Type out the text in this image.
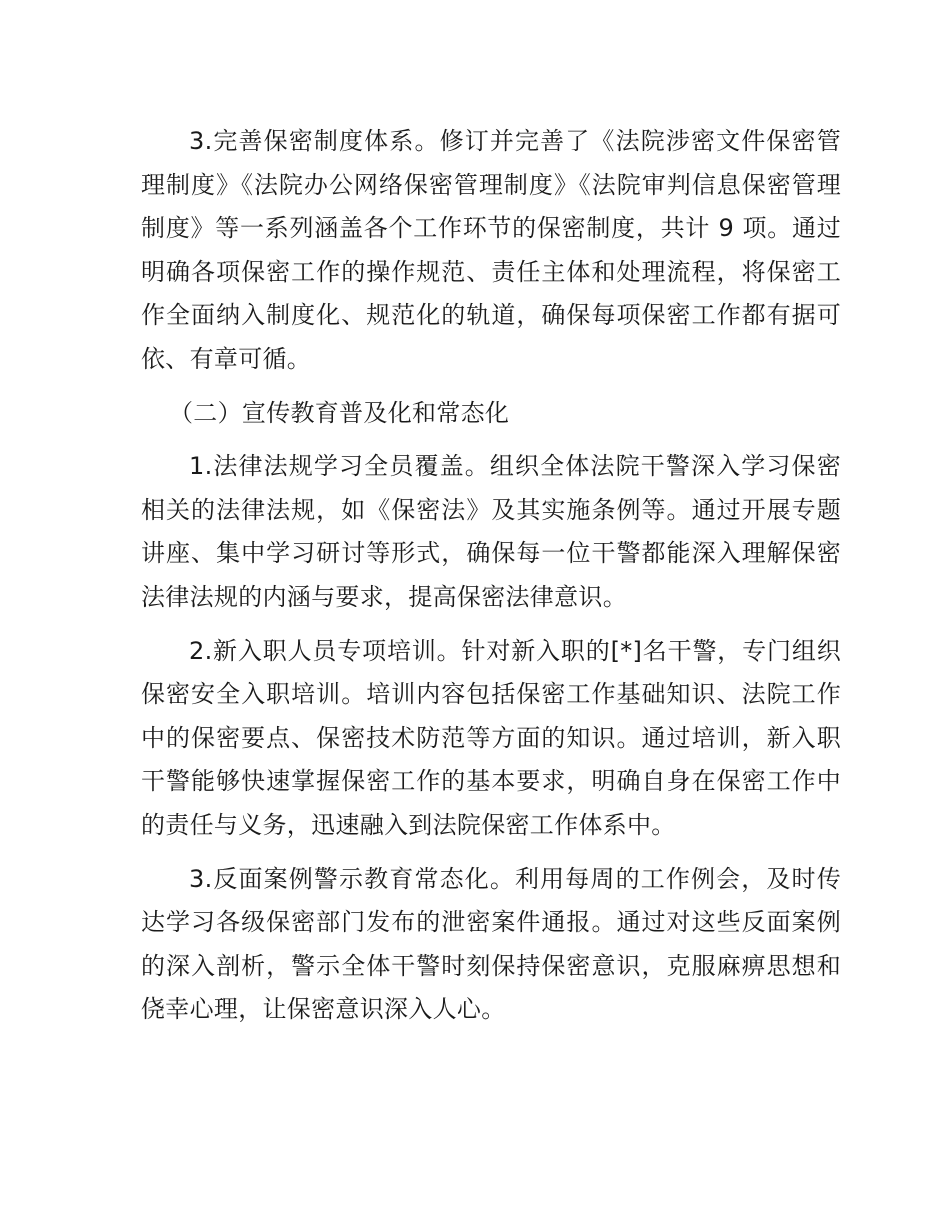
3.完善保密制度体系。修订并完善了《法院涉密文件保密管理制度》《法院办公网络保密管理制度》《法院审判信息保密管理制度》等一系列涵盖各个工作环节的保密制度，共计 9 项。通过明确各项保密工作的操作规范、责任主体和处理流程，将保密工作全面纳入制度化、规范化的轨道，确保每项保密工作都有据可依、有章可循。

（二）宣传教育普及化和常态化

1.法律法规学习全员覆盖。组织全体法院干警深入学习保密相关的法律法规，如《保密法》及其实施条例等。通过开展专题讲座、集中学习研讨等形式，确保每一位干警都能深入理解保密法律法规的内涵与要求，提高保密法律意识。

2.新入职人员专项培训。针对新入职的[*]名干警，专门组织保密安全入职培训。培训内容包括保密工作基础知识、法院工作中的保密要点、保密技术防范等方面的知识。通过培训，新入职干警能够快速掌握保密工作的基本要求，明确自身在保密工作中的责任与义务，迅速融入到法院保密工作体系中。

3.反面案例警示教育常态化。利用每周的工作例会，及时传达学习各级保密部门发布的泄密案件通报。通过对这些反面案例的深入剖析，警示全体干警时刻保持保密意识，克服麻痹思想和侥幸心理，让保密意识深入人心。
